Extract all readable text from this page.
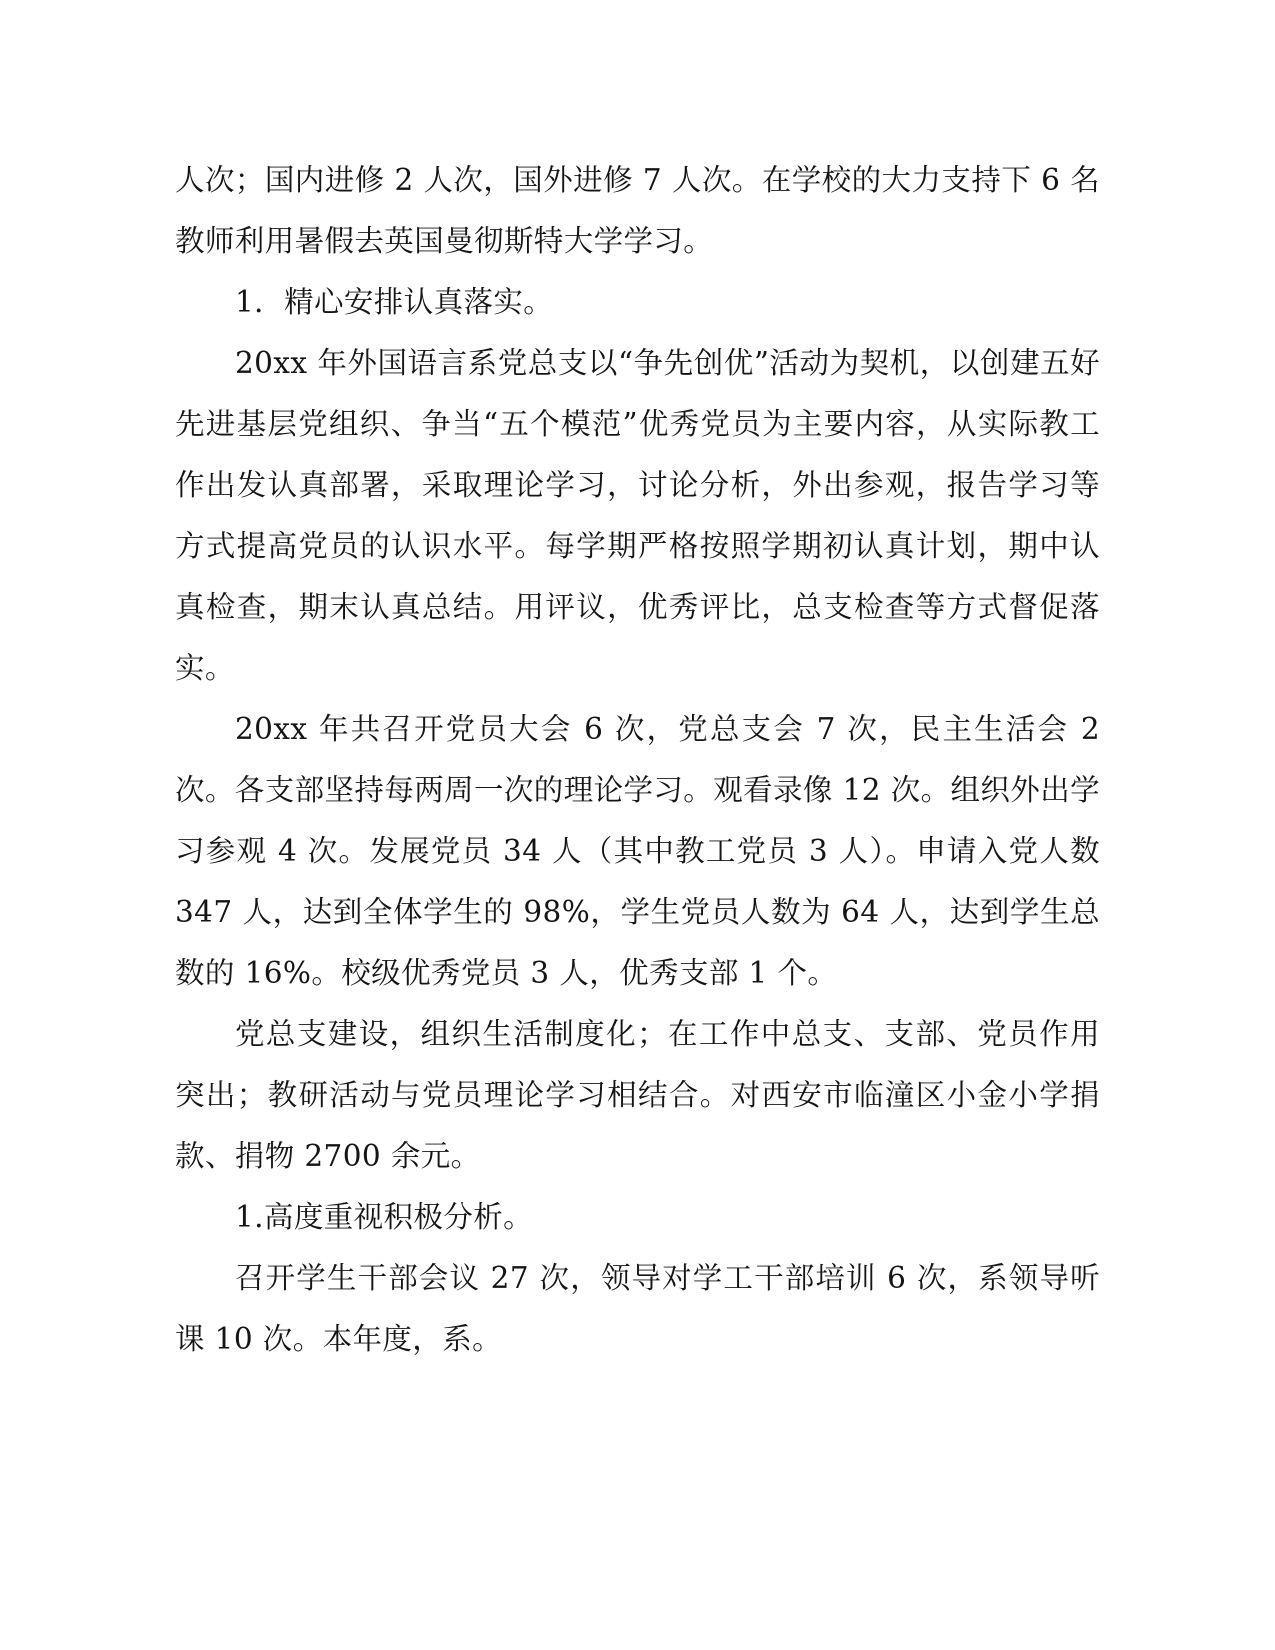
人次；国内进修 2 人次，国外进修 7 人次。在学校的大力支持下 6 名教师利用暑假去英国曼彻斯特大学学习。

1．精心安排认真落实。

20xx 年外国语言系党总支以“争先创优”活动为契机，以创建五好先进基层党组织、争当“五个模范”优秀党员为主要内容，从实际教工作出发认真部署，采取理论学习，讨论分析，外出参观，报告学习等方式提高党员的认识水平。每学期严格按照学期初认真计划，期中认真检查，期末认真总结。用评议，优秀评比，总支检查等方式督促落实。

20xx 年共召开党员大会 6 次，党总支会 7 次，民主生活会 2 次。各支部坚持每两周一次的理论学习。观看录像 12 次。组织外出学习参观 4 次。发展党员 34 人（其中教工党员 3 人）。申请入党人数 347 人，达到全体学生的 98%，学生党员人数为 64 人，达到学生总数的 16%。校级优秀党员 3 人，优秀支部 1 个。

党总支建设，组织生活制度化；在工作中总支、支部、党员作用突出；教研活动与党员理论学习相结合。对西安市临潼区小金小学捐款、捐物 2700 余元。

1.高度重视积极分析。

召开学生干部会议 27 次，领导对学工干部培训 6 次，系领导听课 10 次。本年度，系。
